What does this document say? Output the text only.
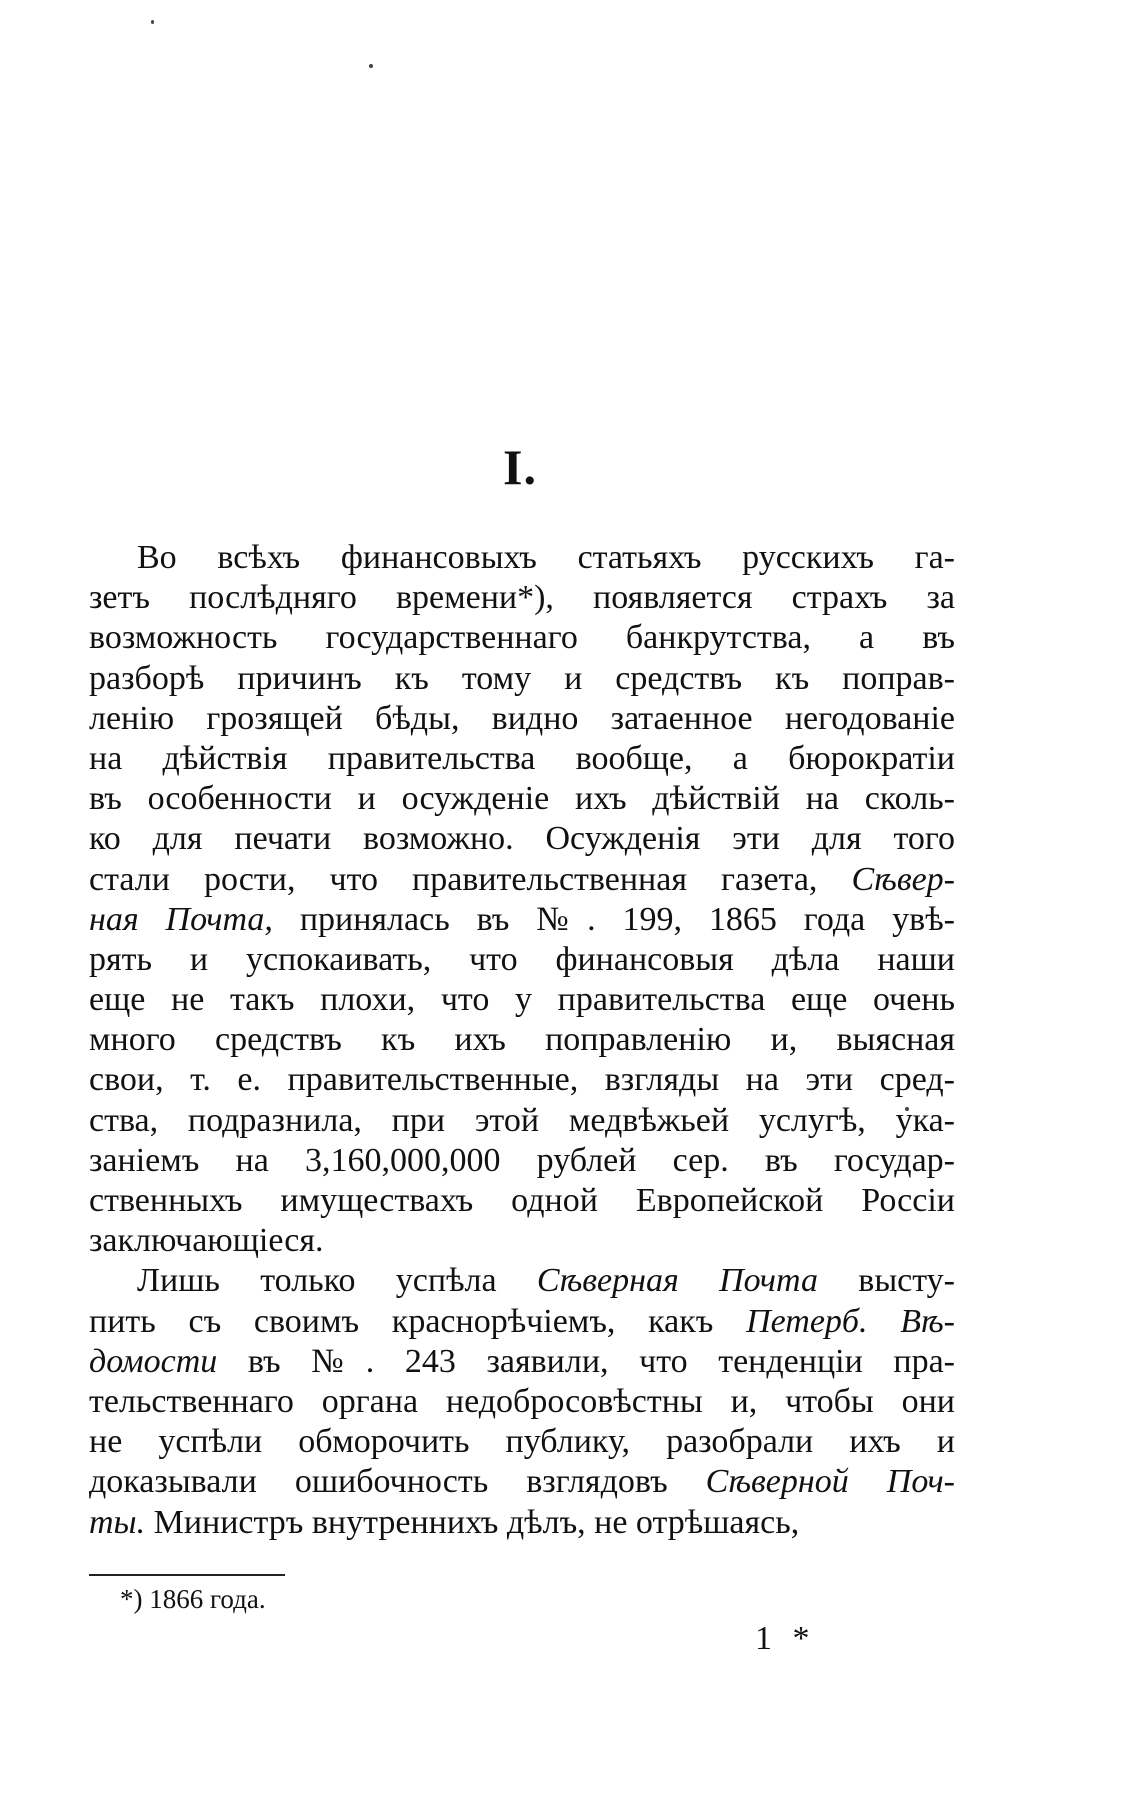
I.
Во всѣхъ финансовыхъ статьяхъ русскихъ га-
зетъ послѣдняго времени*), появляется страхъ за
возможность государственнаго банкрутства, а въ
разборѣ причинъ къ тому и средствъ къ поправ-
ленію грозящей бѣды, видно затаенное негодованіе
на дѣйствія правительства вообще, а бюрократіи
въ особенности и осужденіе ихъ дѣйствій на сколь-
ко для печати возможно. Осужденія эти для того
стали рости, что правительственная газета, Сѣвер-
ная Почта, принялась въ №. 199, 1865 года увѣ-
рять и успокаивать, что финансовыя дѣла наши
еще не такъ плохи, что у правительства еще очень
много средствъ къ ихъ поправленію и, выясная
свои, т. е. правительственные, взгляды на эти сред-
ства, подразнила, при этой медвѣжьей услугѣ, ука-
заніемъ на 3,160,000,000 рублей сер. въ государ-
ственныхъ имуществахъ одной Европейской Россіи
заключающіеся.
Лишь только успѣла Сѣверная Почта высту-
пить съ своимъ краснорѣчіемъ, какъ Петерб. Вѣ-
домости въ №. 243 заявили, что тенденціи пра-
тельственнаго органа недобросовѣстны и, чтобы они
не успѣли обморочить публику, разобрали ихъ и
доказывали ошибочность взглядовъ Сѣверной Поч-
ты. Министръ внутреннихъ дѣлъ, не отрѣшаясь,
*) 1866 года.
1 *
